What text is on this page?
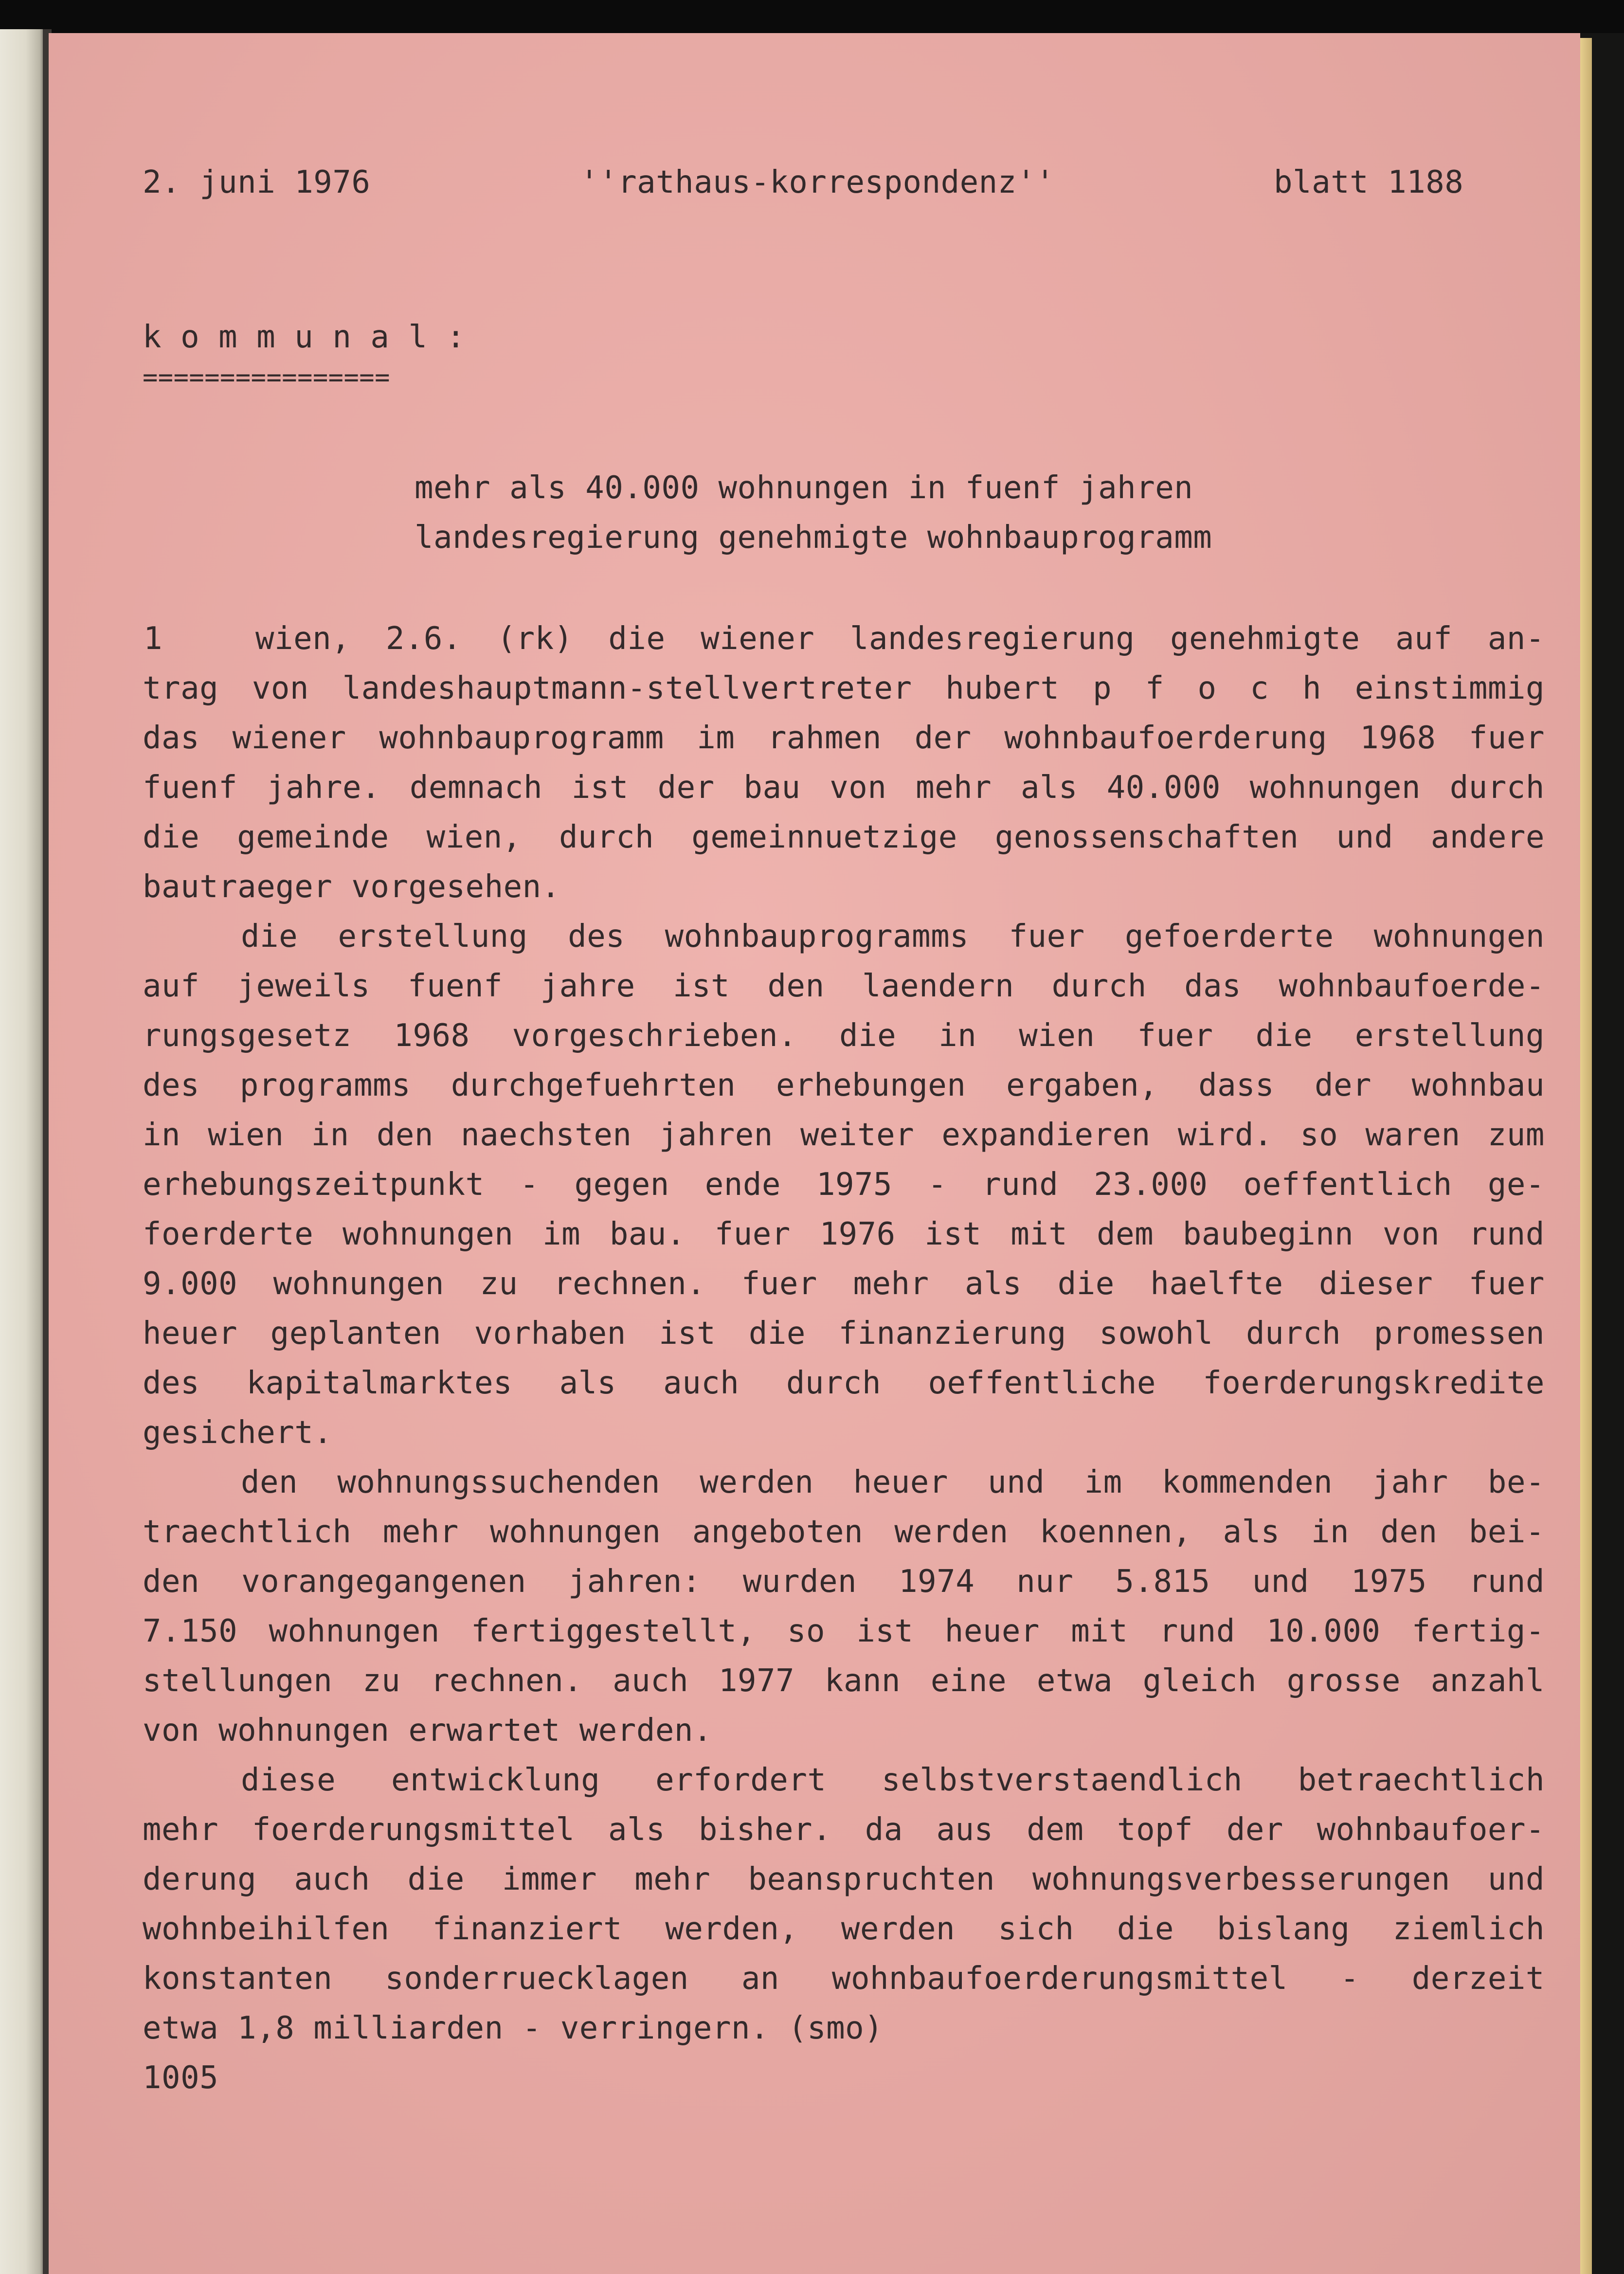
2. juni 1976	''rathaus-korrespondenz''	blatt 1188

k o m m u n a l :

================

mehr als 40.000 wohnungen in fuenf jahren

landesregierung genehmigte wohnbauprogramm

1	wien, 2.6. (rk) die wiener landesregierung genehmigte auf an-

trag von landeshauptmann-stellvertreter hubert p f o c h einstimmig

das wiener wohnbauprogramm im rahmen der wohnbaufoerderung 1968 fuer

fuenf jahre. demnach ist der bau von mehr als 40.000 wohnungen durch

die gemeinde wien, durch gemeinnuetzige genossenschaften und andere

bautraeger vorgesehen.

die erstellung des wohnbauprogramms fuer gefoerderte wohnungen

auf jeweils fuenf jahre ist den laendern durch das wohnbaufoerde-

rungsgesetz 1968 vorgeschrieben. die in wien fuer die erstellung

des programms durchgefuehrten erhebungen ergaben, dass der wohnbau

in wien in den naechsten jahren weiter expandieren wird. so waren zum

erhebungszeitpunkt - gegen ende 1975 - rund 23.000 oeffentlich ge-

foerderte wohnungen im bau. fuer 1976 ist mit dem baubeginn von rund

9.000 wohnungen zu rechnen. fuer mehr als die haelfte dieser fuer

heuer geplanten vorhaben ist die finanzierung sowohl durch promessen

des kapitalmarktes als auch durch oeffentliche foerderungskredite

gesichert.

den wohnungssuchenden werden heuer und im kommenden jahr be-

traechtlich mehr wohnungen angeboten werden koennen, als in den bei-

den vorangegangenen jahren: wurden 1974 nur 5.815 und 1975 rund

7.150 wohnungen fertiggestellt, so ist heuer mit rund 10.000 fertig-

stellungen zu rechnen. auch 1977 kann eine etwa gleich grosse anzahl

von wohnungen erwartet werden.

diese entwicklung erfordert selbstverstaendlich betraechtlich

mehr foerderungsmittel als bisher. da aus dem topf der wohnbaufoer-

derung auch die immer mehr beanspruchten wohnungsverbesserungen und

wohnbeihilfen finanziert werden, werden sich die bislang ziemlich

konstanten sonderruecklagen an wohnbaufoerderungsmittel - derzeit

etwa 1,8 milliarden - verringern. (smo)

1005
